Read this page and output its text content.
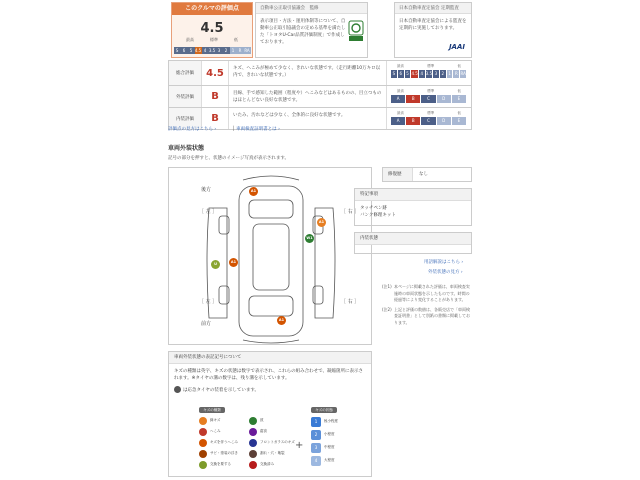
このクルマの評価点
4.5
最高	標準	低
S	6	5 4.5 4 3.5 3	2	1	R RA
自動車公正取引協議会　監修
表示項目・方法・運用体制等について、自動車公正取引協議会の定める基準を満たした「トヨタU-Car品質評価制度」で作成しております。
日本自動車査定協会 定期監査
日本自動車査定協会による監査を定期的に実施しております。
JAAI
総合評価	4.5	キズ、へこみが極めて少なく、きれいな状態です。（走行距離10万キロ以内で、きれいな状態です。）
最高	標準	低
S	6	5 4.5 4 3.5 3	2	1	R RA
外装評価	B	目線、手で感知した範囲（程度や）へこみなどはあるものの、目立つものはほとんどない良好な状態です。
最高	標準	低
A	B	C	D	E
内装評価	B	いたみ、汚れなどは少なく、全体的に良好な状態です。	最高	標準	低
A	B	C	D	E
評価点の見方はこちら ›	│ 車両検査証明書とは ›
車両外装状態
記号の部分を押すと、状態のイメージ写真が表示されます。
後方
前方
［ 左 ］	［ 右 ］
［ 左 ］	［ 右 ］
A1
A1
W1
U	A1
A1
修復歴	なし
特記事項
タッチペン跡
バンク修理キット
内装状態
用語解説はこちら ›
外装状態の見方 ›
(注1) 本ページに掲載された評価は、車両検査実施時の車両状態を示したものです。時間の経過等により変化することがあります。
(注2) 上記と評価の数値は、各販売店で「車両検査証明書」として別紙の書類に掲載しております。
車両外装状態の表記記号について
キズの種類は英字、キズの状態は数字で表示され、これらの組み合わせで、凝縮箇所に表示されます。※タイヤの溝の数字は、残り溝を示しています。
は応急タイヤの装着を示しています。
キズの種類
線キズ
へこみ
キズを伴うへこみ
サビ・塗装の浮き
交換を要する
波
腐食
フロントガラスのキズ
割れ・穴・亀裂
交換済み
+
キズの状態
1	極小程度
2	小程度
3	中程度
4	大程度
